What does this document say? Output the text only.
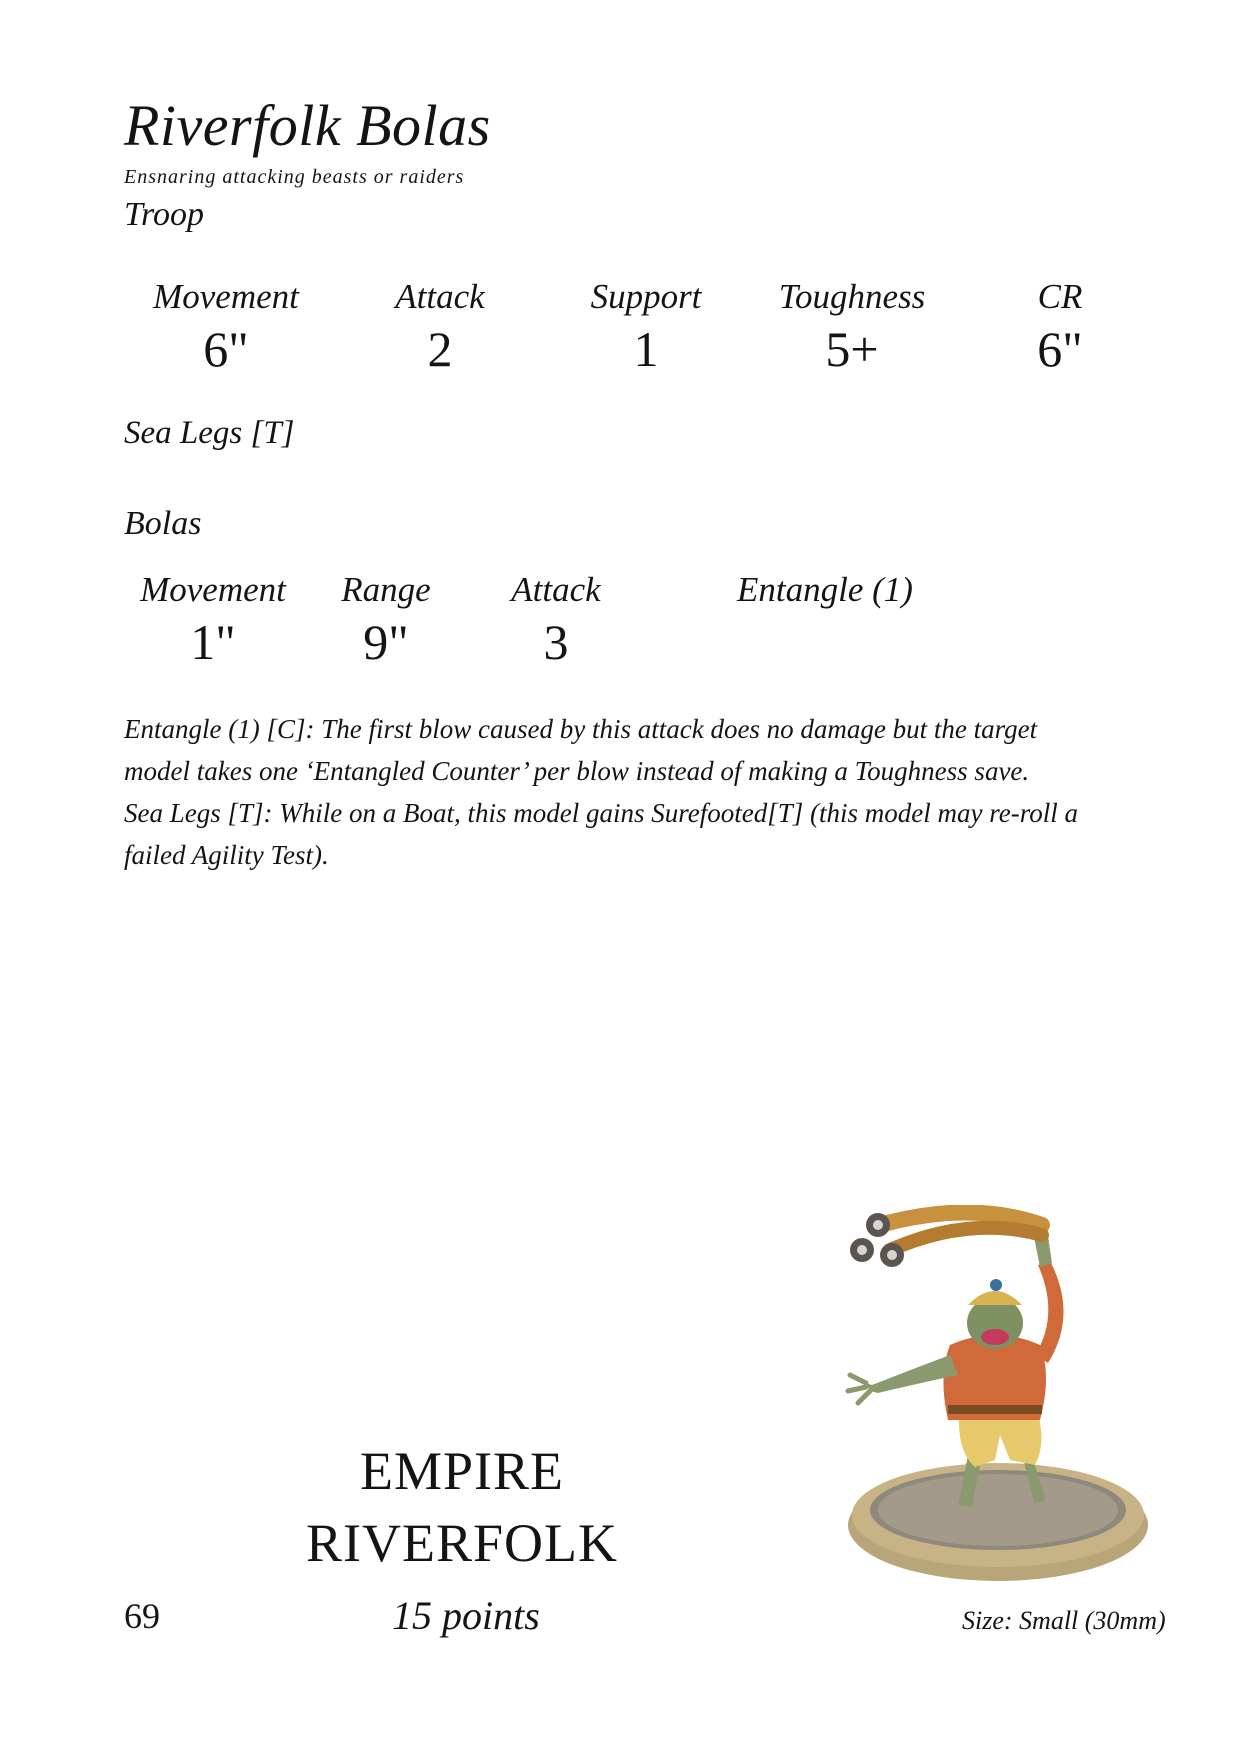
Riverfolk Bolas
Ensnaring attacking beasts or raiders
Troop
Movement
6"
Attack
2
Support
1
Toughness
5+
CR
6"
Sea Legs [T]
Bolas
Movement
1"
Range
9"
Attack
3
Entangle (1)

Entangle (1) [C]: The first blow caused by this attack does no damage but the target model takes one ‘Entangled Counter’ per blow instead of making a Toughness save.

Sea Legs [T]: While on a Boat, this model gains Surefooted[T] (this model may re-roll a failed Agility Test).

EMPIRE
RIVERFOLK
69	15 points	Size: Small (30mm)
